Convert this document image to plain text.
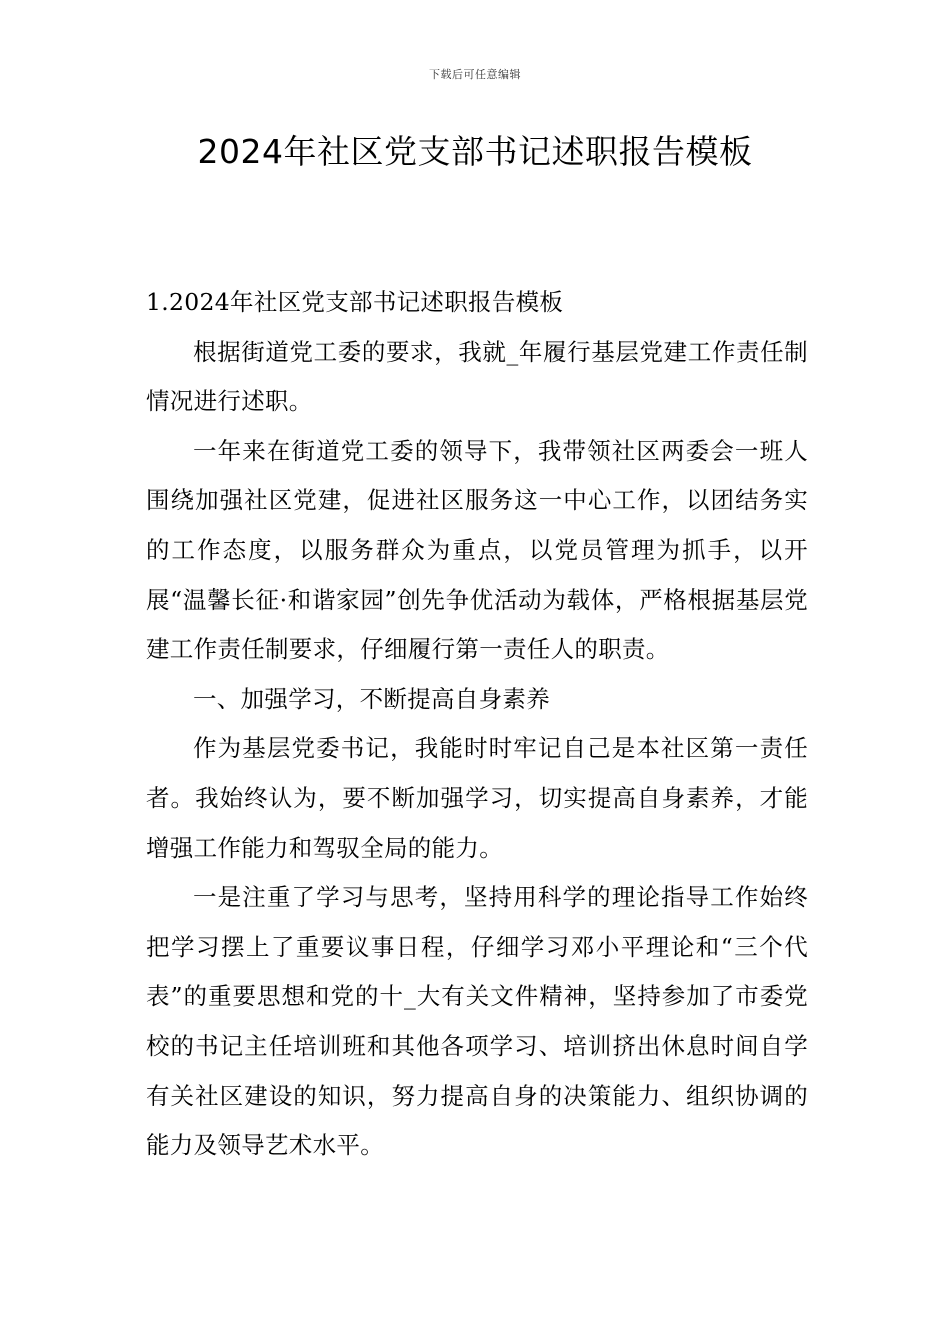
下载后可任意编辑
2024年社区党支部书记述职报告模板

1.2024年社区党支部书记述职报告模板

根据街道党工委的要求，我就_年履行基层党建工作责任制情况进行述职。

一年来在街道党工委的领导下，我带领社区两委会一班人围绕加强社区党建，促进社区服务这一中心工作，以团结务实的工作态度，以服务群众为重点，以党员管理为抓手，以开展“温馨长征·和谐家园”创先争优活动为载体，严格根据基层党建工作责任制要求，仔细履行第一责任人的职责。

一、加强学习，不断提高自身素养

作为基层党委书记，我能时时牢记自己是本社区第一责任者。我始终认为，要不断加强学习，切实提高自身素养，才能增强工作能力和驾驭全局的能力。

一是注重了学习与思考，坚持用科学的理论指导工作始终把学习摆上了重要议事日程，仔细学习邓小平理论和“三个代表”的重要思想和党的十_大有关文件精神，坚持参加了市委党校的书记主任培训班和其他各项学习、培训挤出休息时间自学有关社区建设的知识，努力提高自身的决策能力、组织协调的能力及领导艺术水平。
